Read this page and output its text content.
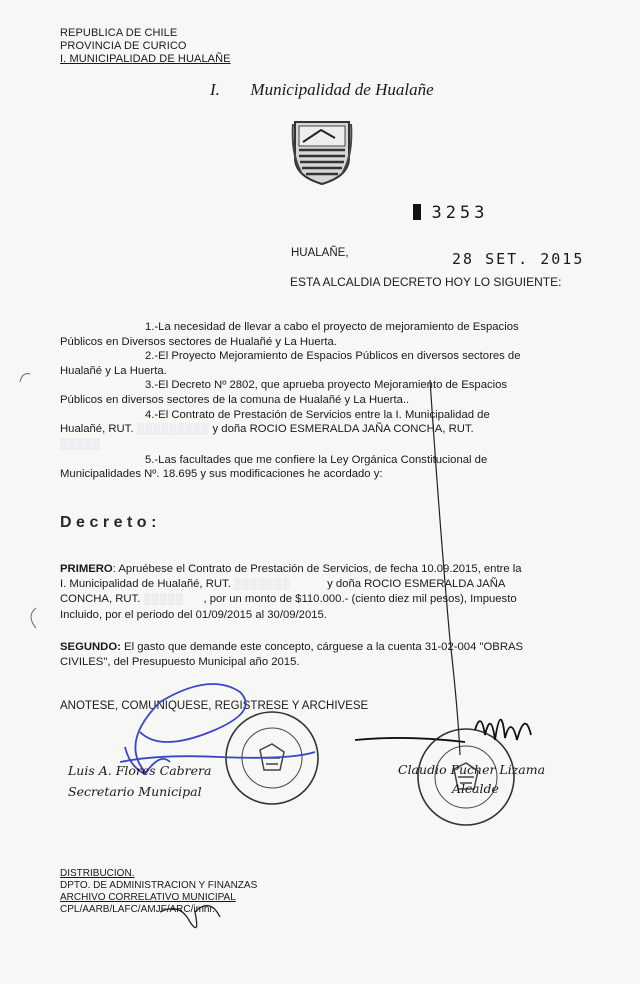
REPUBLICA DE CHILE
PROVINCIA DE CURICO
I. MUNICIPALIDAD DE HUALAÑE
I. Municipalidad de Hualañe
3253
HUALAÑE,	28 SET. 2015
ESTA ALCALDIA DECRETO HOY LO SIGUIENTE:
1.-La necesidad de llevar a cabo el proyecto de mejoramiento de Espacios
Públicos en Diversos sectores de Hualañé y La Huerta.
2.-El Proyecto Mejoramiento de Espacios Públicos en diversos sectores de
Hualañé y La Huerta.
3.-El Decreto Nº 2802, que aprueba proyecto Mejoramiento de Espacios
Públicos en diversos sectores de la comuna de Hualañé y La Huerta..
4.-El Contrato de Prestación de Servicios entre la I. Municipalidad de
Hualañé, RUT. ░░░░░░░░░ y doña ROCIO ESMERALDA JAÑA CONCHA, RUT.
░░░░░
5.-Las facultades que me confiere la Ley Orgánica Constitucional de
Municipalidades Nº. 18.695 y sus modificaciones he acordado y:
Decreto:
PRIMERO: Apruébese el Contrato de Prestación de Servicios, de fecha 10.09.2015, entre la
I. Municipalidad de Hualañé, RUT. ░░░░░░░	y doña ROCIO ESMERALDA JAÑA
CONCHA, RUT. ░░░░░ , por un monto de $110.000.- (ciento diez mil pesos), Impuesto
Incluido, por el periodo del 01/09/2015 al 30/09/2015.
SEGUNDO: El gasto que demande este concepto, cárguese a la cuenta 31-02-004 "OBRAS
CIVILES", del Presupuesto Municipal año 2015.
ANOTESE, COMUNIQUESE, REGISTRESE Y ARCHIVESE
Luis A. Flores Cabrera
Secretario Municipal
Claudio Pucher Lizama
Alcalde
DISTRIBUCION.
DPTO. DE ADMINISTRACION Y FINANZAS
ARCHIVO CORRELATIVO MUNICIPAL
CPL/AARB/LAFC/AMJF/ARC/imnr.
